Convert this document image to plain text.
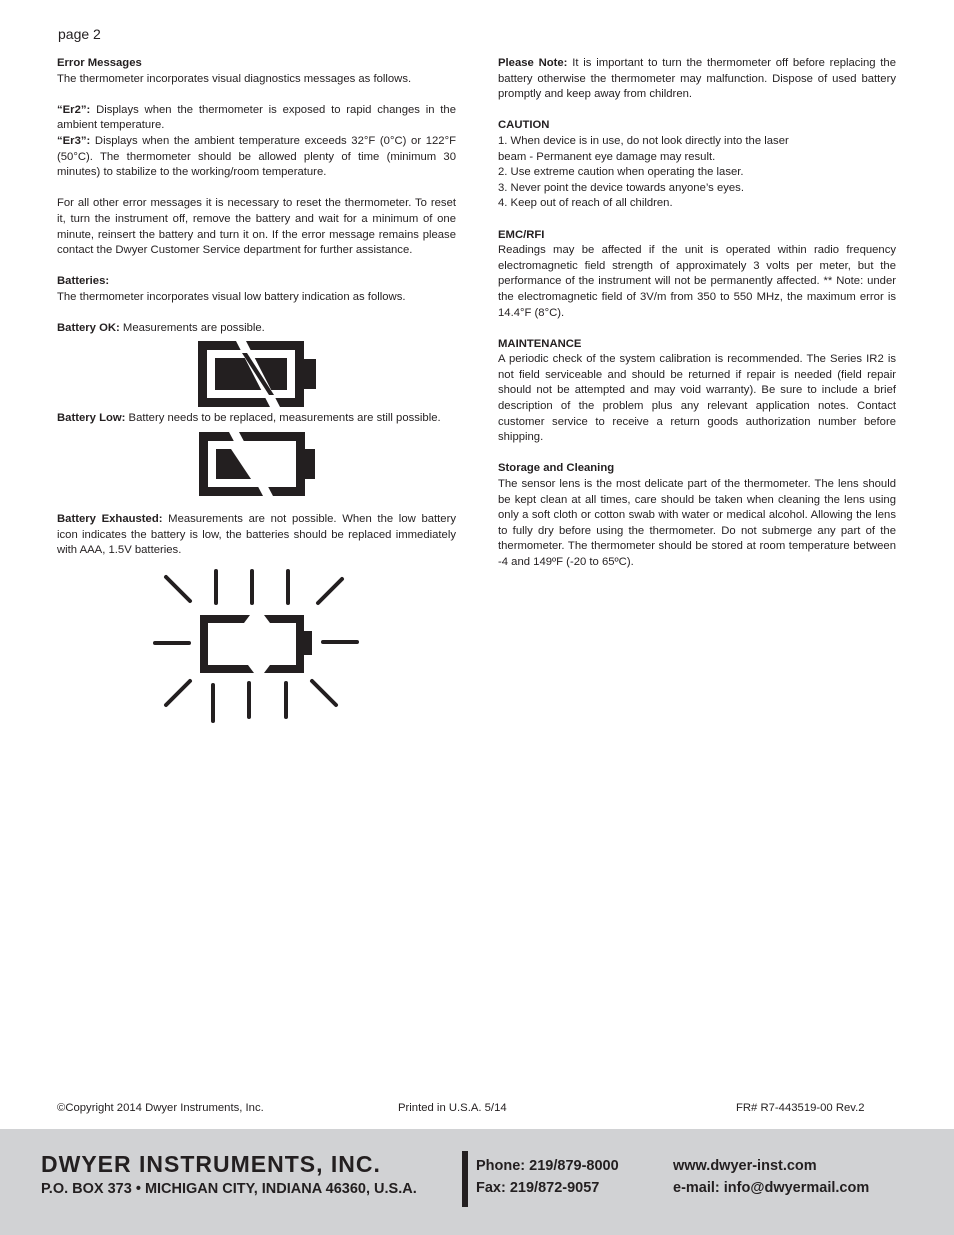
page 2

Error Messages

The thermometer incorporates visual diagnostics messages as follows.

“Er2”: Displays when the thermometer is exposed to rapid changes in the ambient temperature.

“Er3”: Displays when the ambient temperature exceeds 32°F (0°C) or 122°F (50°C). The thermometer should be allowed plenty of time (minimum 30 minutes) to stabilize to the working/room temperature.

For all other error messages it is necessary to reset the thermometer. To reset it, turn the instrument off, remove the battery and wait for a minimum of one minute, reinsert the battery and turn it on. If the error message remains please contact the Dwyer Customer Service department for further assistance.

Batteries:

The thermometer incorporates visual low battery indication as follows.

Battery OK: Measurements are possible.

Battery Low: Battery needs to be replaced, measurements are still possible.

Battery Exhausted: Measurements are not possible. When the low battery icon indicates the battery is low, the batteries should be replaced immediately with AAA, 1.5V batteries.

Please Note: It is important to turn the thermometer off before replacing the battery otherwise the thermometer may malfunction. Dispose of used battery promptly and keep away from children.

CAUTION

1. When device is in use, do not look directly into the laser beam - Permanent eye damage may result.

2. Use extreme caution when operating the laser.

3. Never point the device towards anyone’s eyes.

4. Keep out of reach of all children.

EMC/RFI

Readings may be affected if the unit is operated within radio frequency electromagnetic field strength of approximately 3 volts per meter, but the performance of the instrument will not be permanently affected. ** Note: under the electromagnetic field of 3V/m from 350 to 550 MHz, the maximum error is 14.4°F (8°C).

MAINTENANCE

A periodic check of the system calibration is recommended. The Series IR2 is not field serviceable and should be returned if repair is needed (field repair should not be attempted and may void warranty). Be sure to include a brief description of the problem plus any relevant application notes. Contact customer service to receive a return goods authorization number before shipping.

Storage and Cleaning

The sensor lens is the most delicate part of the thermometer. The lens should be kept clean at all times, care should be taken when cleaning the lens using only a soft cloth or cotton swab with water or medical alcohol. Allowing the lens to fully dry before using the thermometer. Do not submerge any part of the thermometer. The thermometer should be stored at room temperature between -4 and 149ºF (-20 to 65ºC).

©Copyright 2014 Dwyer Instruments, Inc.	Printed in U.S.A. 5/14	FR# R7-443519-00 Rev.2
DWYER INSTRUMENTS, INC.
P.O. BOX 373 • MICHIGAN CITY, INDIANA 46360, U.S.A.
Phone: 219/879-8000
Fax: 219/872-9057
www.dwyer-inst.com
e-mail: info@dwyermail.com
